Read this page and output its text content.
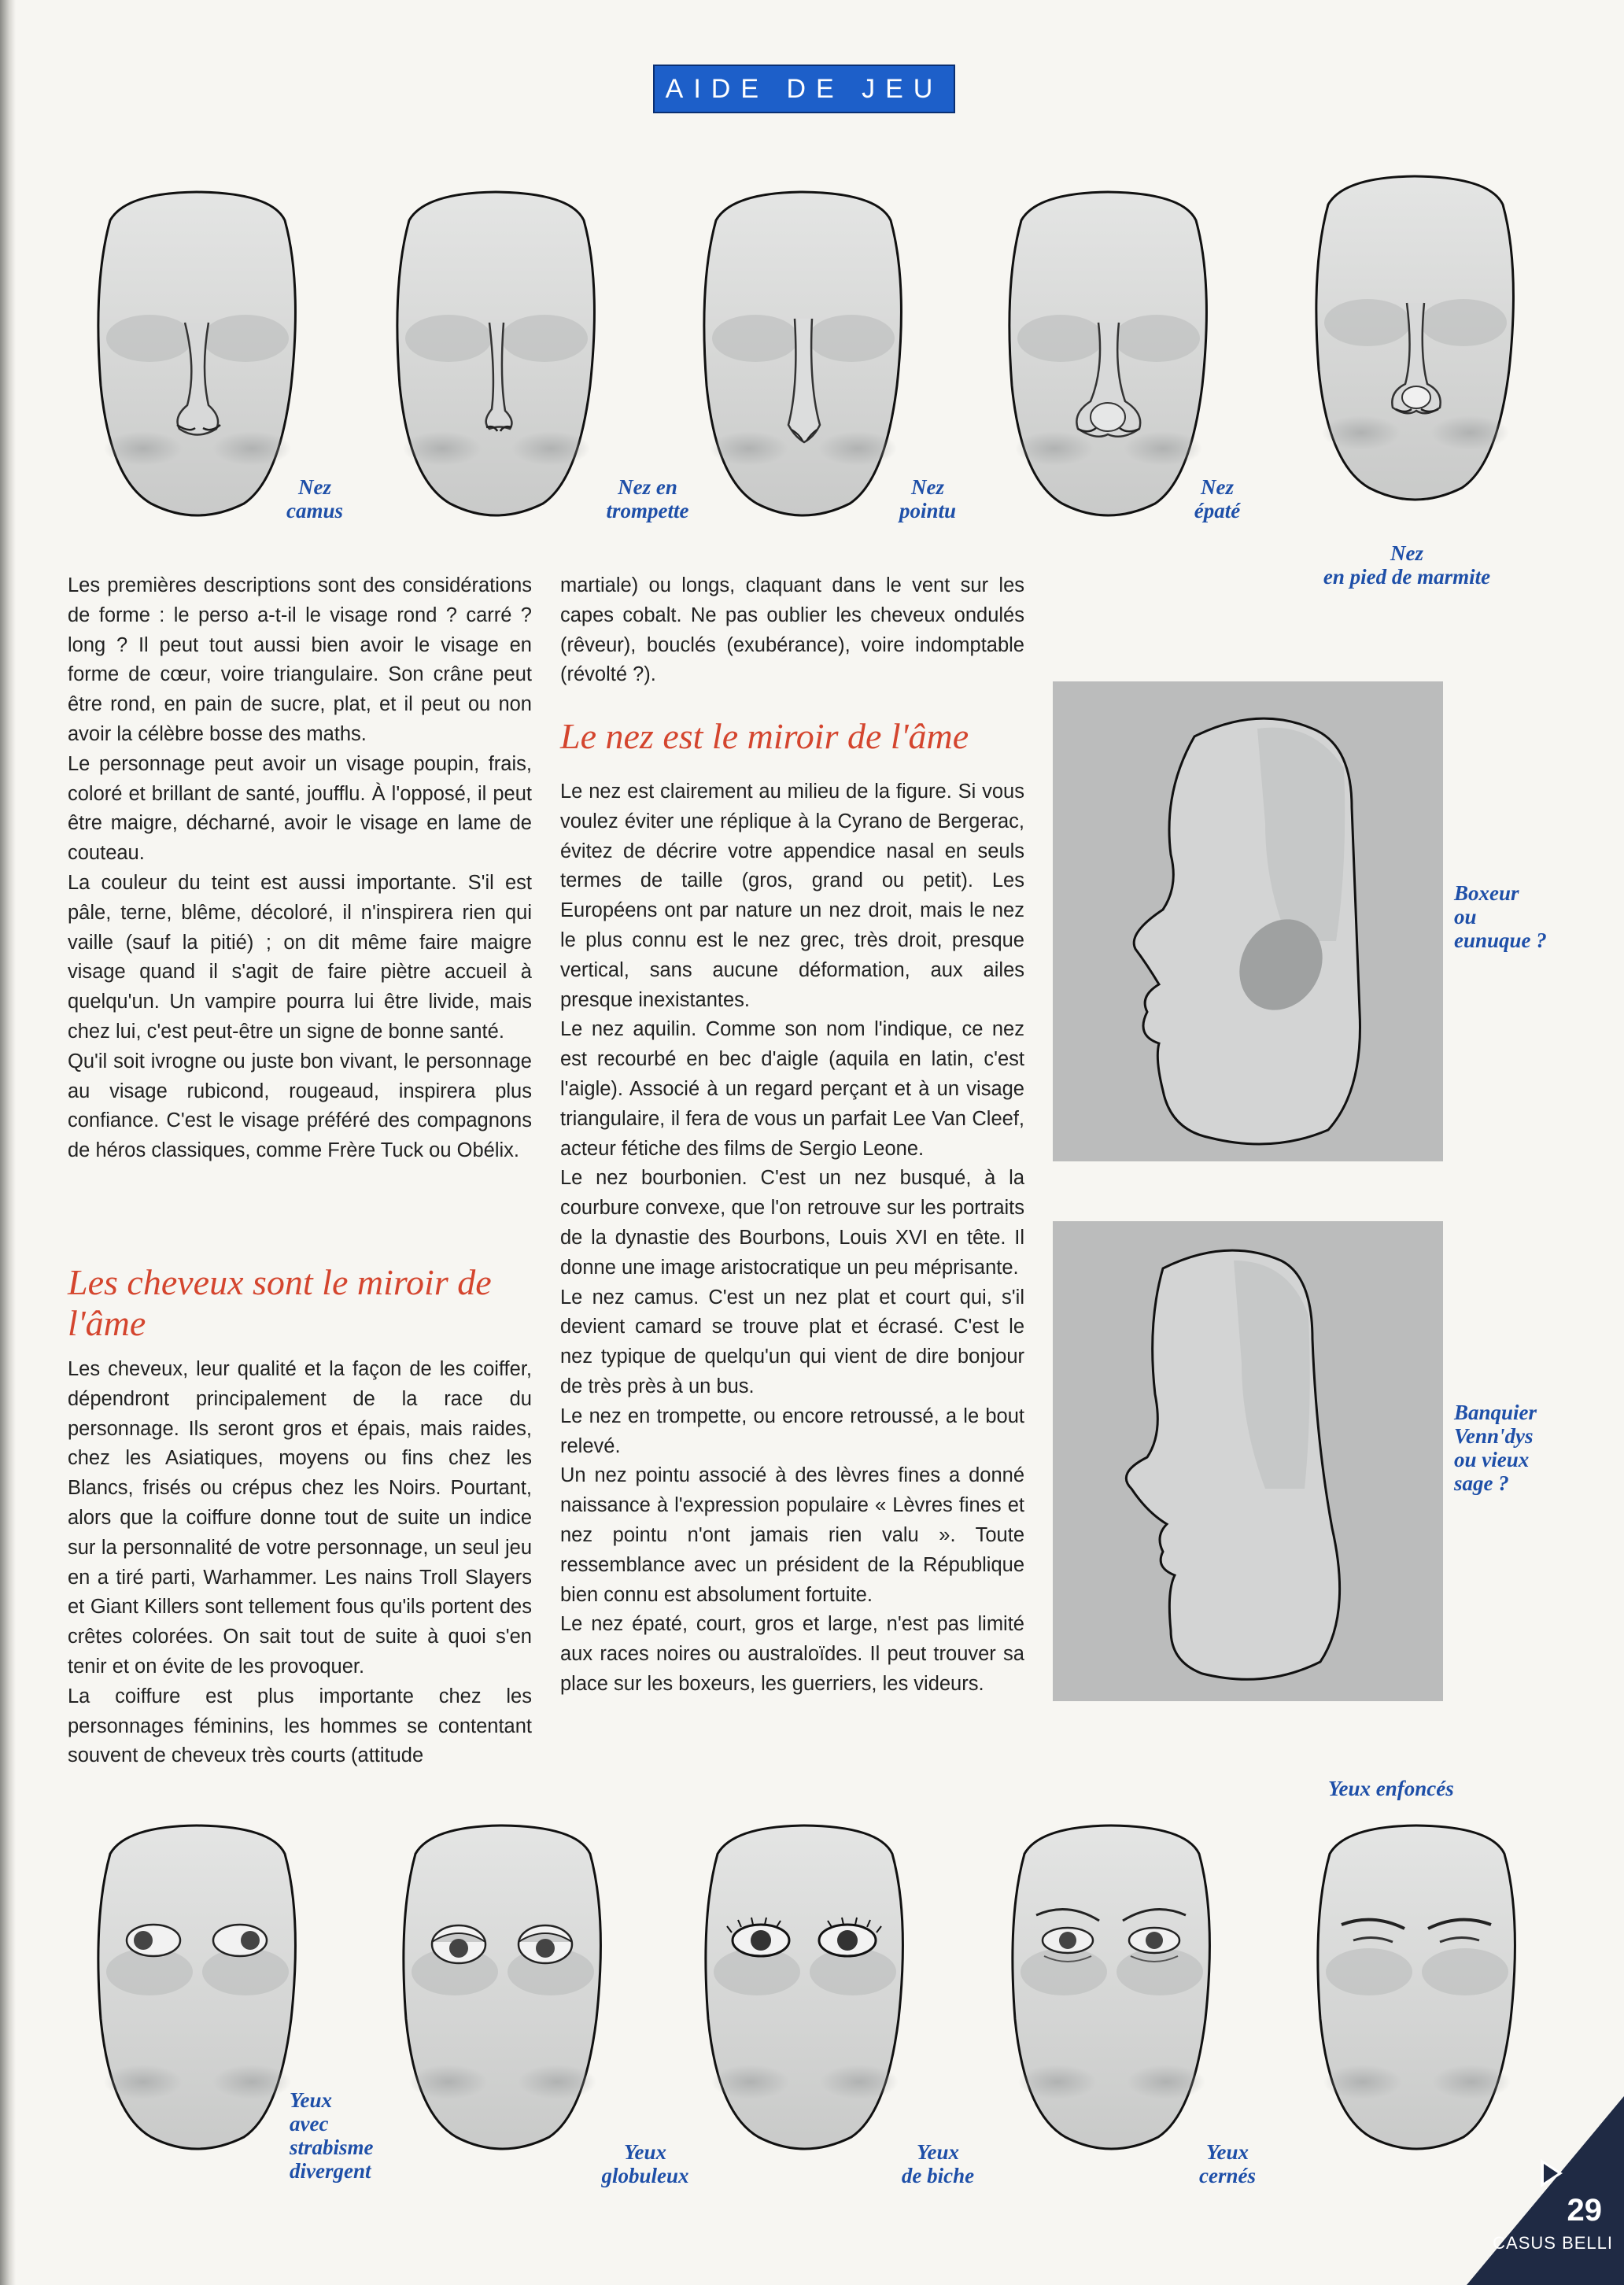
AIDE DE JEU
Nez
camus
Nez en
trompette
Nez
pointu
Nez
épaté
Nez
en pied de marmite

Les premières descriptions sont des considérations de forme : le perso a-t-il le visage rond ? carré ? long ? Il peut tout aussi bien avoir le visage en forme de cœur, voire triangulaire. Son crâne peut être rond, en pain de sucre, plat, et il peut ou non avoir la célèbre bosse des maths.

Le personnage peut avoir un visage poupin, frais, coloré et brillant de santé, joufflu. À l'opposé, il peut être maigre, décharné, avoir le visage en lame de couteau.

La couleur du teint est aussi importante. S'il est pâle, terne, blême, décoloré, il n'inspirera rien qui vaille (sauf la pitié) ; on dit même faire maigre visage quand il s'agit de faire piètre accueil à quelqu'un. Un vampire pourra lui être livide, mais chez lui, c'est peut-être un signe de bonne santé.

Qu'il soit ivrogne ou juste bon vivant, le personnage au visage rubicond, rougeaud, inspirera plus confiance. C'est le visage préféré des compagnons de héros classiques, comme Frère Tuck ou Obélix.

Les cheveux sont le miroir de l'âme

Les cheveux, leur qualité et la façon de les coiffer, dépendront principalement de la race du personnage. Ils seront gros et épais, mais raides, chez les Asiatiques, moyens ou fins chez les Blancs, frisés ou crépus chez les Noirs. Pourtant, alors que la coiffure donne tout de suite un indice sur la personnalité de votre personnage, un seul jeu en a tiré parti, Warhammer. Les nains Troll Slayers et Giant Killers sont tellement fous qu'ils portent des crêtes colorées. On sait tout de suite à quoi s'en tenir et on évite de les provoquer.

La coiffure est plus importante chez les personnages féminins, les hommes se contentant souvent de cheveux très courts (attitude

martiale) ou longs, claquant dans le vent sur les capes cobalt. Ne pas oublier les cheveux ondulés (rêveur), bouclés (exubérance), voire indomptable (révolté ?).

Le nez est le miroir de l'âme

Le nez est clairement au milieu de la figure. Si vous voulez éviter une réplique à la Cyrano de Bergerac, évitez de décrire votre appendice nasal en seuls termes de taille (gros, grand ou petit). Les Européens ont par nature un nez droit, mais le nez le plus connu est le nez grec, très droit, presque vertical, sans aucune déformation, aux ailes presque inexistantes.

Le nez aquilin. Comme son nom l'indique, ce nez est recourbé en bec d'aigle (aquila en latin, c'est l'aigle). Associé à un regard perçant et à un visage triangulaire, il fera de vous un parfait Lee Van Cleef, acteur fétiche des films de Sergio Leone.

Le nez bourbonien. C'est un nez busqué, à la courbure convexe, que l'on retrouve sur les portraits de la dynastie des Bourbons, Louis XVI en tête. Il donne une image aristocratique un peu méprisante.

Le nez camus. C'est un nez plat et court qui, s'il devient camard se trouve plat et écrasé. C'est le nez typique de quelqu'un qui vient de dire bonjour de très près à un bus.

Le nez en trompette, ou encore retroussé, a le bout relevé.

Un nez pointu associé à des lèvres fines a donné naissance à l'expression populaire « Lèvres fines et nez pointu n'ont jamais rien valu ». Toute ressemblance avec un président de la République bien connu est absolument fortuite.

Le nez épaté, court, gros et large, n'est pas limité aux races noires ou australoïdes. Il peut trouver sa place sur les boxeurs, les guerriers, les videurs.

Boxeur
ou
eunuque ?
Banquier
Venn'dys
ou vieux
sage ?
Yeux
avec
strabisme
divergent
Yeux
globuleux
Yeux
de biche
Yeux
cernés
Yeux enfoncés
29
CASUS BELLI
